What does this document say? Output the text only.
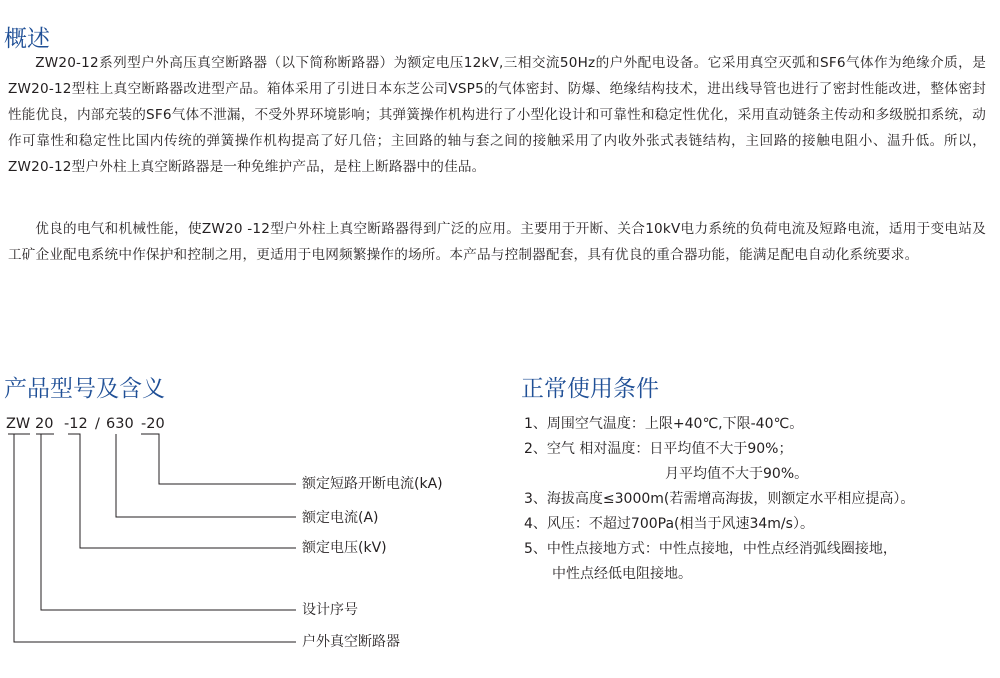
概述

ZW20-12系列型户外高压真空断路器（以下简称断路器）为额定电压12kV,三相交流50Hz的户外配电设备。它采用真空灭弧和SF6气体作为绝缘介质，是ZW20-12型柱上真空断路器改进型产品。箱体采用了引进日本东芝公司VSP5的气体密封、防爆、绝缘结构技术，进出线导管也进行了密封性能改进，整体密封性能优良，内部充装的SF6气体不泄漏，不受外界环境影响；其弹簧操作机构进行了小型化设计和可靠性和稳定性优化，采用直动链条主传动和多级脱扣系统，动作可靠性和稳定性比国内传统的弹簧操作机构提高了好几倍；主回路的轴与套之间的接触采用了内收外张式表链结构，主回路的接触电阻小、温升低。所以， ZW20-12型户外柱上真空断路器是一种免维护产品，是柱上断路器中的佳品。

优良的电气和机械性能，使ZW20 -12型户外柱上真空断路器得到广泛的应用。主要用于开断、关合10kV电力系统的负荷电流及短路电流，适用于变电站及工矿企业配电系统中作保护和控制之用，更适用于电网频繁操作的场所。本产品与控制器配套，具有优良的重合器功能，能满足配电自动化系统要求。

产品型号及含义
ZW 20 -12 / 630 -20
额定短路开断电流(kA)
额定电流(A)
额定电压(kV)
设计序号
户外真空断路器
正常使用条件
1、周围空气温度：上限+40℃,下限-40℃。
2、空气 相对温度：日平均值不大于90%；
月平均值不大于90%。
3、海拔高度≤3000m(若需增高海拔，则额定水平相应提高）。
4、风压：不超过700Pa(相当于风速34m/s）。
5、中性点接地方式：中性点接地，中性点经消弧线圈接地，
中性点经低电阻接地。
